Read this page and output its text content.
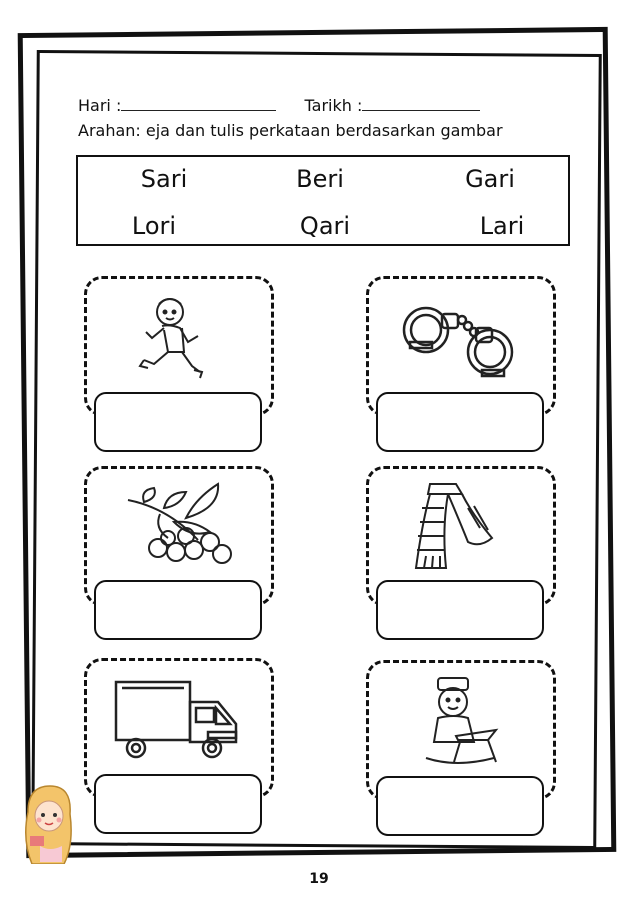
Hari :	Tarikh :
Arahan: eja dan tulis perkataan berdasarkan gambar
Sari	Beri	Gari
Lori	Qari	Lari
19
